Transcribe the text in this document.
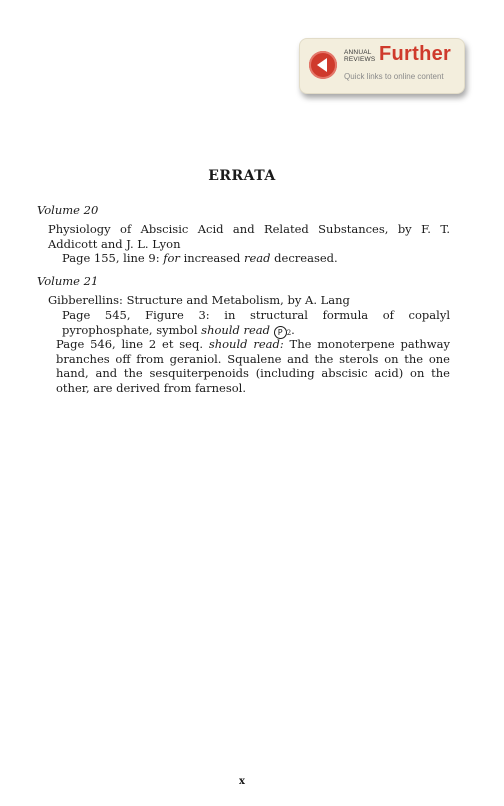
ANNUAL
REVIEWS Further
Quick links to online content
ERRATA
Volume 20
Physiology of Abscisic Acid and Related Substances, by F. T. Addicott and J. L. Lyon
Page 155, line 9: for increased read decreased.
Volume 21
Gibberellins: Structure and Metabolism, by A. Lang
Page 545, Figure 3: in structural formula of copalyl pyrophosphate, symbol should read P 2.
Page 546, line 2 et seq. should read: The monoterpene pathway branches off from geraniol. Squalene and the sterols on the one hand, and the sesquiterpenoids (including abscisic acid) on the other, are derived from farnesol.
x
